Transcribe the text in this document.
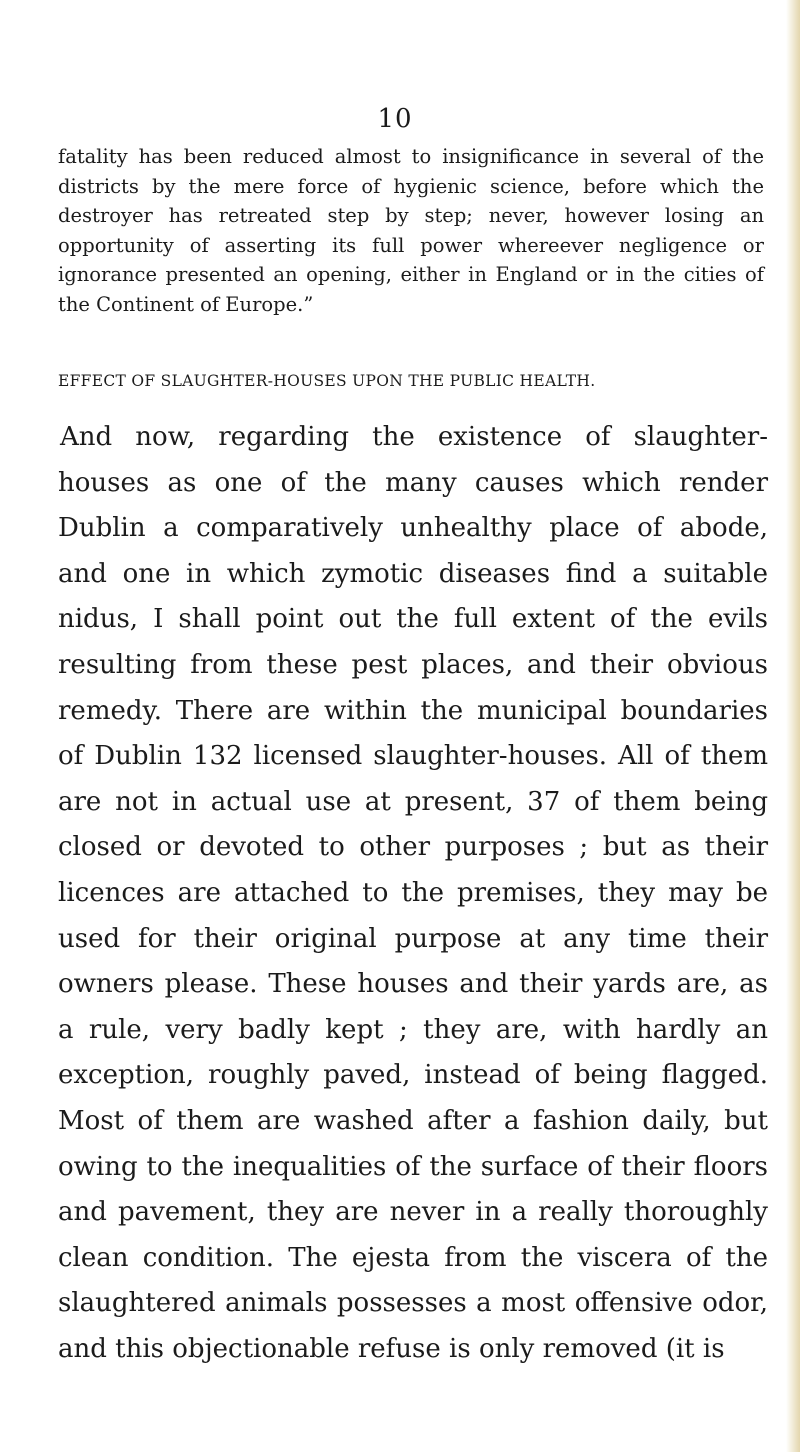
10

fatality has been reduced almost to insignificance in several of the districts by the mere force of hygienic science, before which the destroyer has retreated step by step; never, however losing an opportunity of asserting its full power whereever negligence or ignorance presented an opening, either in England or in the cities of the Continent of Europe.”

EFFECT OF SLAUGHTER-HOUSES UPON THE PUBLIC HEALTH.

And now, regarding the existence of slaughter-houses as one of the many causes which render Dublin a comparatively unhealthy place of abode, and one in which zymotic diseases find a suitable nidus, I shall point out the full extent of the evils resulting from these pest places, and their obvious remedy. There are within the municipal boundaries of Dublin 132 licensed slaughter-houses. All of them are not in actual use at present, 37 of them being closed or devoted to other purposes ; but as their licences are attached to the premises, they may be used for their original purpose at any time their owners please. These houses and their yards are, as a rule, very badly kept ; they are, with hardly an exception, roughly paved, instead of being flagged. Most of them are washed after a fashion daily, but owing to the inequalities of the surface of their floors and pavement, they are never in a really thoroughly clean condition. The ejesta from the viscera of the slaughtered animals possesses a most offensive odor, and this objectionable refuse is only removed (it is
